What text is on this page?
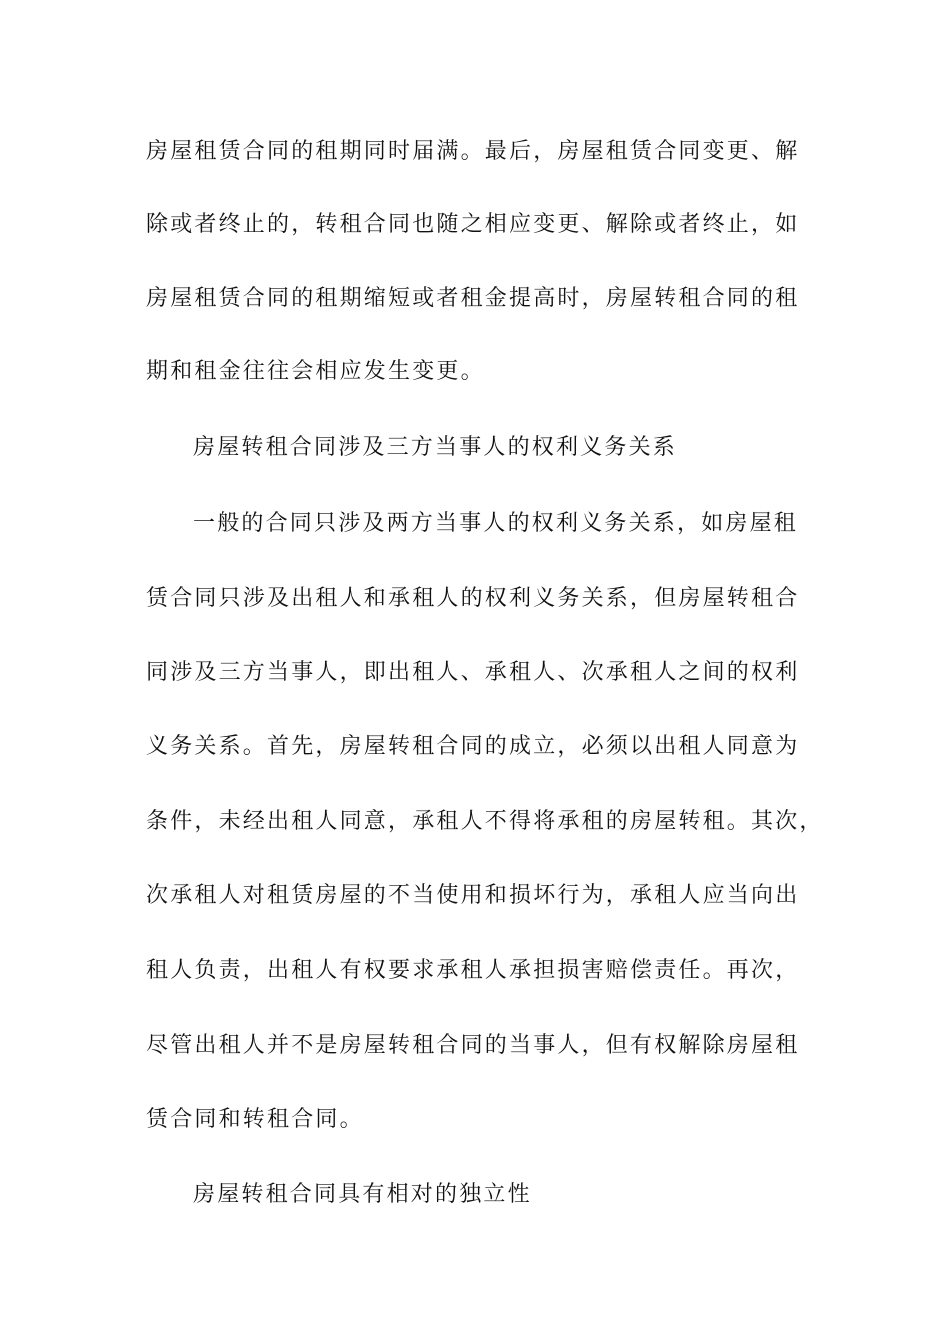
房屋租赁合同的租期同时届满。最后，房屋租赁合同变更、解
除或者终止的，转租合同也随之相应变更、解除或者终止，如
房屋租赁合同的租期缩短或者租金提高时，房屋转租合同的租
期和租金往往会相应发生变更。
房屋转租合同涉及三方当事人的权利义务关系
一般的合同只涉及两方当事人的权利义务关系，如房屋租
赁合同只涉及出租人和承租人的权利义务关系，但房屋转租合
同涉及三方当事人，即出租人、承租人、次承租人之间的权利
义务关系。首先，房屋转租合同的成立，必须以出租人同意为
条件，未经出租人同意，承租人不得将承租的房屋转租。其次，
次承租人对租赁房屋的不当使用和损坏行为，承租人应当向出
租人负责，出租人有权要求承租人承担损害赔偿责任。再次，
尽管出租人并不是房屋转租合同的当事人，但有权解除房屋租
赁合同和转租合同。
房屋转租合同具有相对的独立性
